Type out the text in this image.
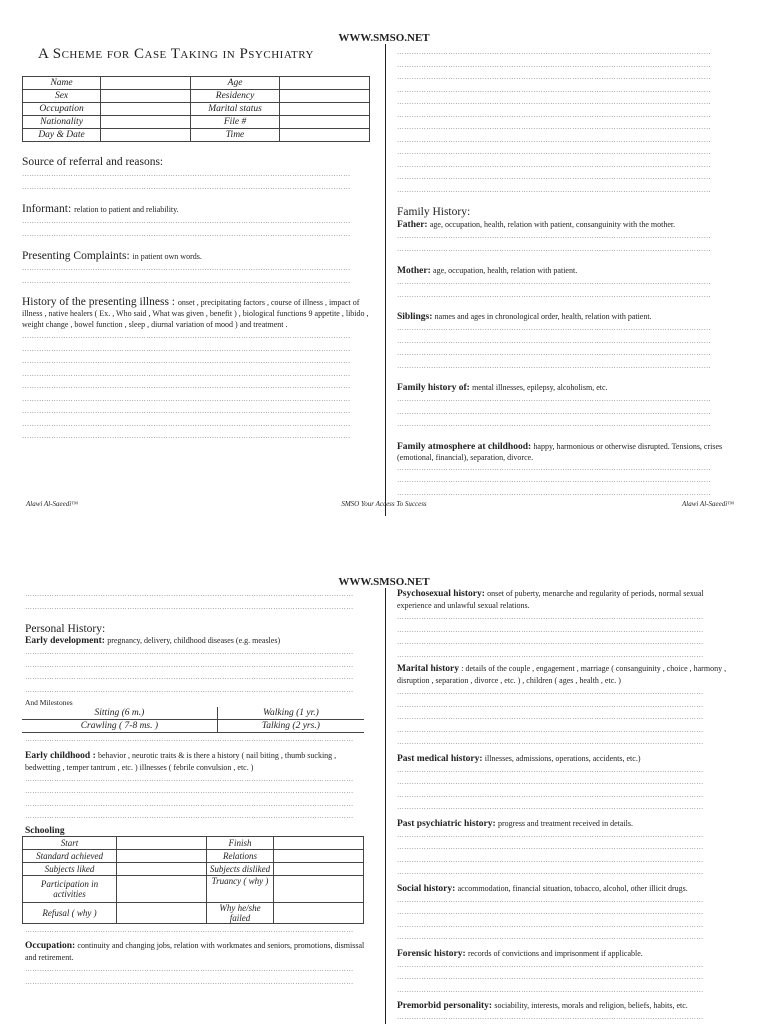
WWW.SMSO.NET
A Scheme for Case Taking in Psychiatry
Name		Age	
Sex		Residency	
Occupation		Marital status	
Nationality		File #	
Day & Date		Time	
Source of referral and reasons:
………………………………………………………………………………………………………………………
………………………………………………………………………………………………………………………
Informant: relation to patient and reliability.
………………………………………………………………………………………………………………………
………………………………………………………………………………………………………………………
Presenting Complaints: in patient own words.
………………………………………………………………………………………………………………………
………………………………………………………………………………………………………………………
History of the presenting illness : onset , precipitating factors , course of illness , impact of illness , native healers ( Ex. , Who said , What was given , benefit ) , biological functions 9 appetite , libido , weight change , bowel function , sleep , diurnal variation of mood ) and treatment .
………………………………………………………………………………………………………………………
………………………………………………………………………………………………………………………
………………………………………………………………………………………………………………………
………………………………………………………………………………………………………………………
………………………………………………………………………………………………………………………
………………………………………………………………………………………………………………………
………………………………………………………………………………………………………………………
………………………………………………………………………………………………………………………
………………………………………………………………………………………………………………………
…………………………………………………………………………………………………………………
…………………………………………………………………………………………………………………
…………………………………………………………………………………………………………………
…………………………………………………………………………………………………………………
…………………………………………………………………………………………………………………
…………………………………………………………………………………………………………………
…………………………………………………………………………………………………………………
…………………………………………………………………………………………………………………
…………………………………………………………………………………………………………………
…………………………………………………………………………………………………………………
…………………………………………………………………………………………………………………
…………………………………………………………………………………………………………………
Family History:
Father: age, occupation, health, relation with patient, consanguinity with the mother.
…………………………………………………………………………………………………………………
…………………………………………………………………………………………………………………
Mother: age, occupation, health, relation with patient.
…………………………………………………………………………………………………………………
…………………………………………………………………………………………………………………
Siblings: names and ages in chronological order, health, relation with patient.
…………………………………………………………………………………………………………………
…………………………………………………………………………………………………………………
…………………………………………………………………………………………………………………
…………………………………………………………………………………………………………………
Family history of: mental illnesses, epilepsy, alcoholism, etc.
…………………………………………………………………………………………………………………
…………………………………………………………………………………………………………………
…………………………………………………………………………………………………………………
Family atmosphere at childhood: happy, harmonious or otherwise disrupted. Tensions, crises (emotional, financial), separation, divorce.
…………………………………………………………………………………………………………………
…………………………………………………………………………………………………………………
…………………………………………………………………………………………………………………
Alawi Al-Saeedi™	SMSO Your Access To Success	Alawi Al-Saeedi™
WWW.SMSO.NET
………………………………………………………………………………………………………………………
………………………………………………………………………………………………………………………
Personal History:
Early development: pregnancy, delivery, childhood diseases (e.g. measles)
………………………………………………………………………………………………………………………
………………………………………………………………………………………………………………………
………………………………………………………………………………………………………………………
………………………………………………………………………………………………………………………
And Milestones
Sitting (6 m.)	Walking (1 yr.)
Crawling ( 7-8 ms. )	Talking (2 yrs.)
………………………………………………………………………………………………………………………
Early childhood : behavior , neurotic traits & is there a history ( nail biting , thumb sucking , bedwetting , temper tantrum , etc. ) illnesses ( febrile convulsion , etc. )
………………………………………………………………………………………………………………………
………………………………………………………………………………………………………………………
………………………………………………………………………………………………………………………
………………………………………………………………………………………………………………………
Schooling
Start		Finish	
Standard achieved		Relations	
Subjects liked		Subjects disliked	
Participation in activities		Truancy ( why )	
Refusal ( why )		Why he/she failed	
………………………………………………………………………………………………………………………
Occupation: continuity and changing jobs, relation with workmates and seniors, promotions, dismissal and retirement.
………………………………………………………………………………………………………………………
………………………………………………………………………………………………………………………
Psychosexual history: onset of puberty, menarche and regularity of periods, normal sexual experience and unlawful sexual relations.
………………………………………………………………………………………………………………
………………………………………………………………………………………………………………
………………………………………………………………………………………………………………
………………………………………………………………………………………………………………
Marital history : details of the couple , engagement , marriage ( consanguinity , choice , harmony , disruption , separation , divorce , etc. ) , children ( ages , health , etc. )
………………………………………………………………………………………………………………
………………………………………………………………………………………………………………
………………………………………………………………………………………………………………
………………………………………………………………………………………………………………
………………………………………………………………………………………………………………
Past medical history: illnesses, admissions, operations, accidents, etc.)
………………………………………………………………………………………………………………
………………………………………………………………………………………………………………
………………………………………………………………………………………………………………
………………………………………………………………………………………………………………
Past psychiatric history: progress and treatment received in details.
………………………………………………………………………………………………………………
………………………………………………………………………………………………………………
………………………………………………………………………………………………………………
………………………………………………………………………………………………………………
Social history: accommodation, financial situation, tobacco, alcohol, other illicit drugs.
………………………………………………………………………………………………………………
………………………………………………………………………………………………………………
………………………………………………………………………………………………………………
………………………………………………………………………………………………………………
Forensic history: records of convictions and imprisonment if applicable.
………………………………………………………………………………………………………………
………………………………………………………………………………………………………………
………………………………………………………………………………………………………………
Premorbid personality: sociability, interests, morals and religion, beliefs, habits, etc.
………………………………………………………………………………………………………………
